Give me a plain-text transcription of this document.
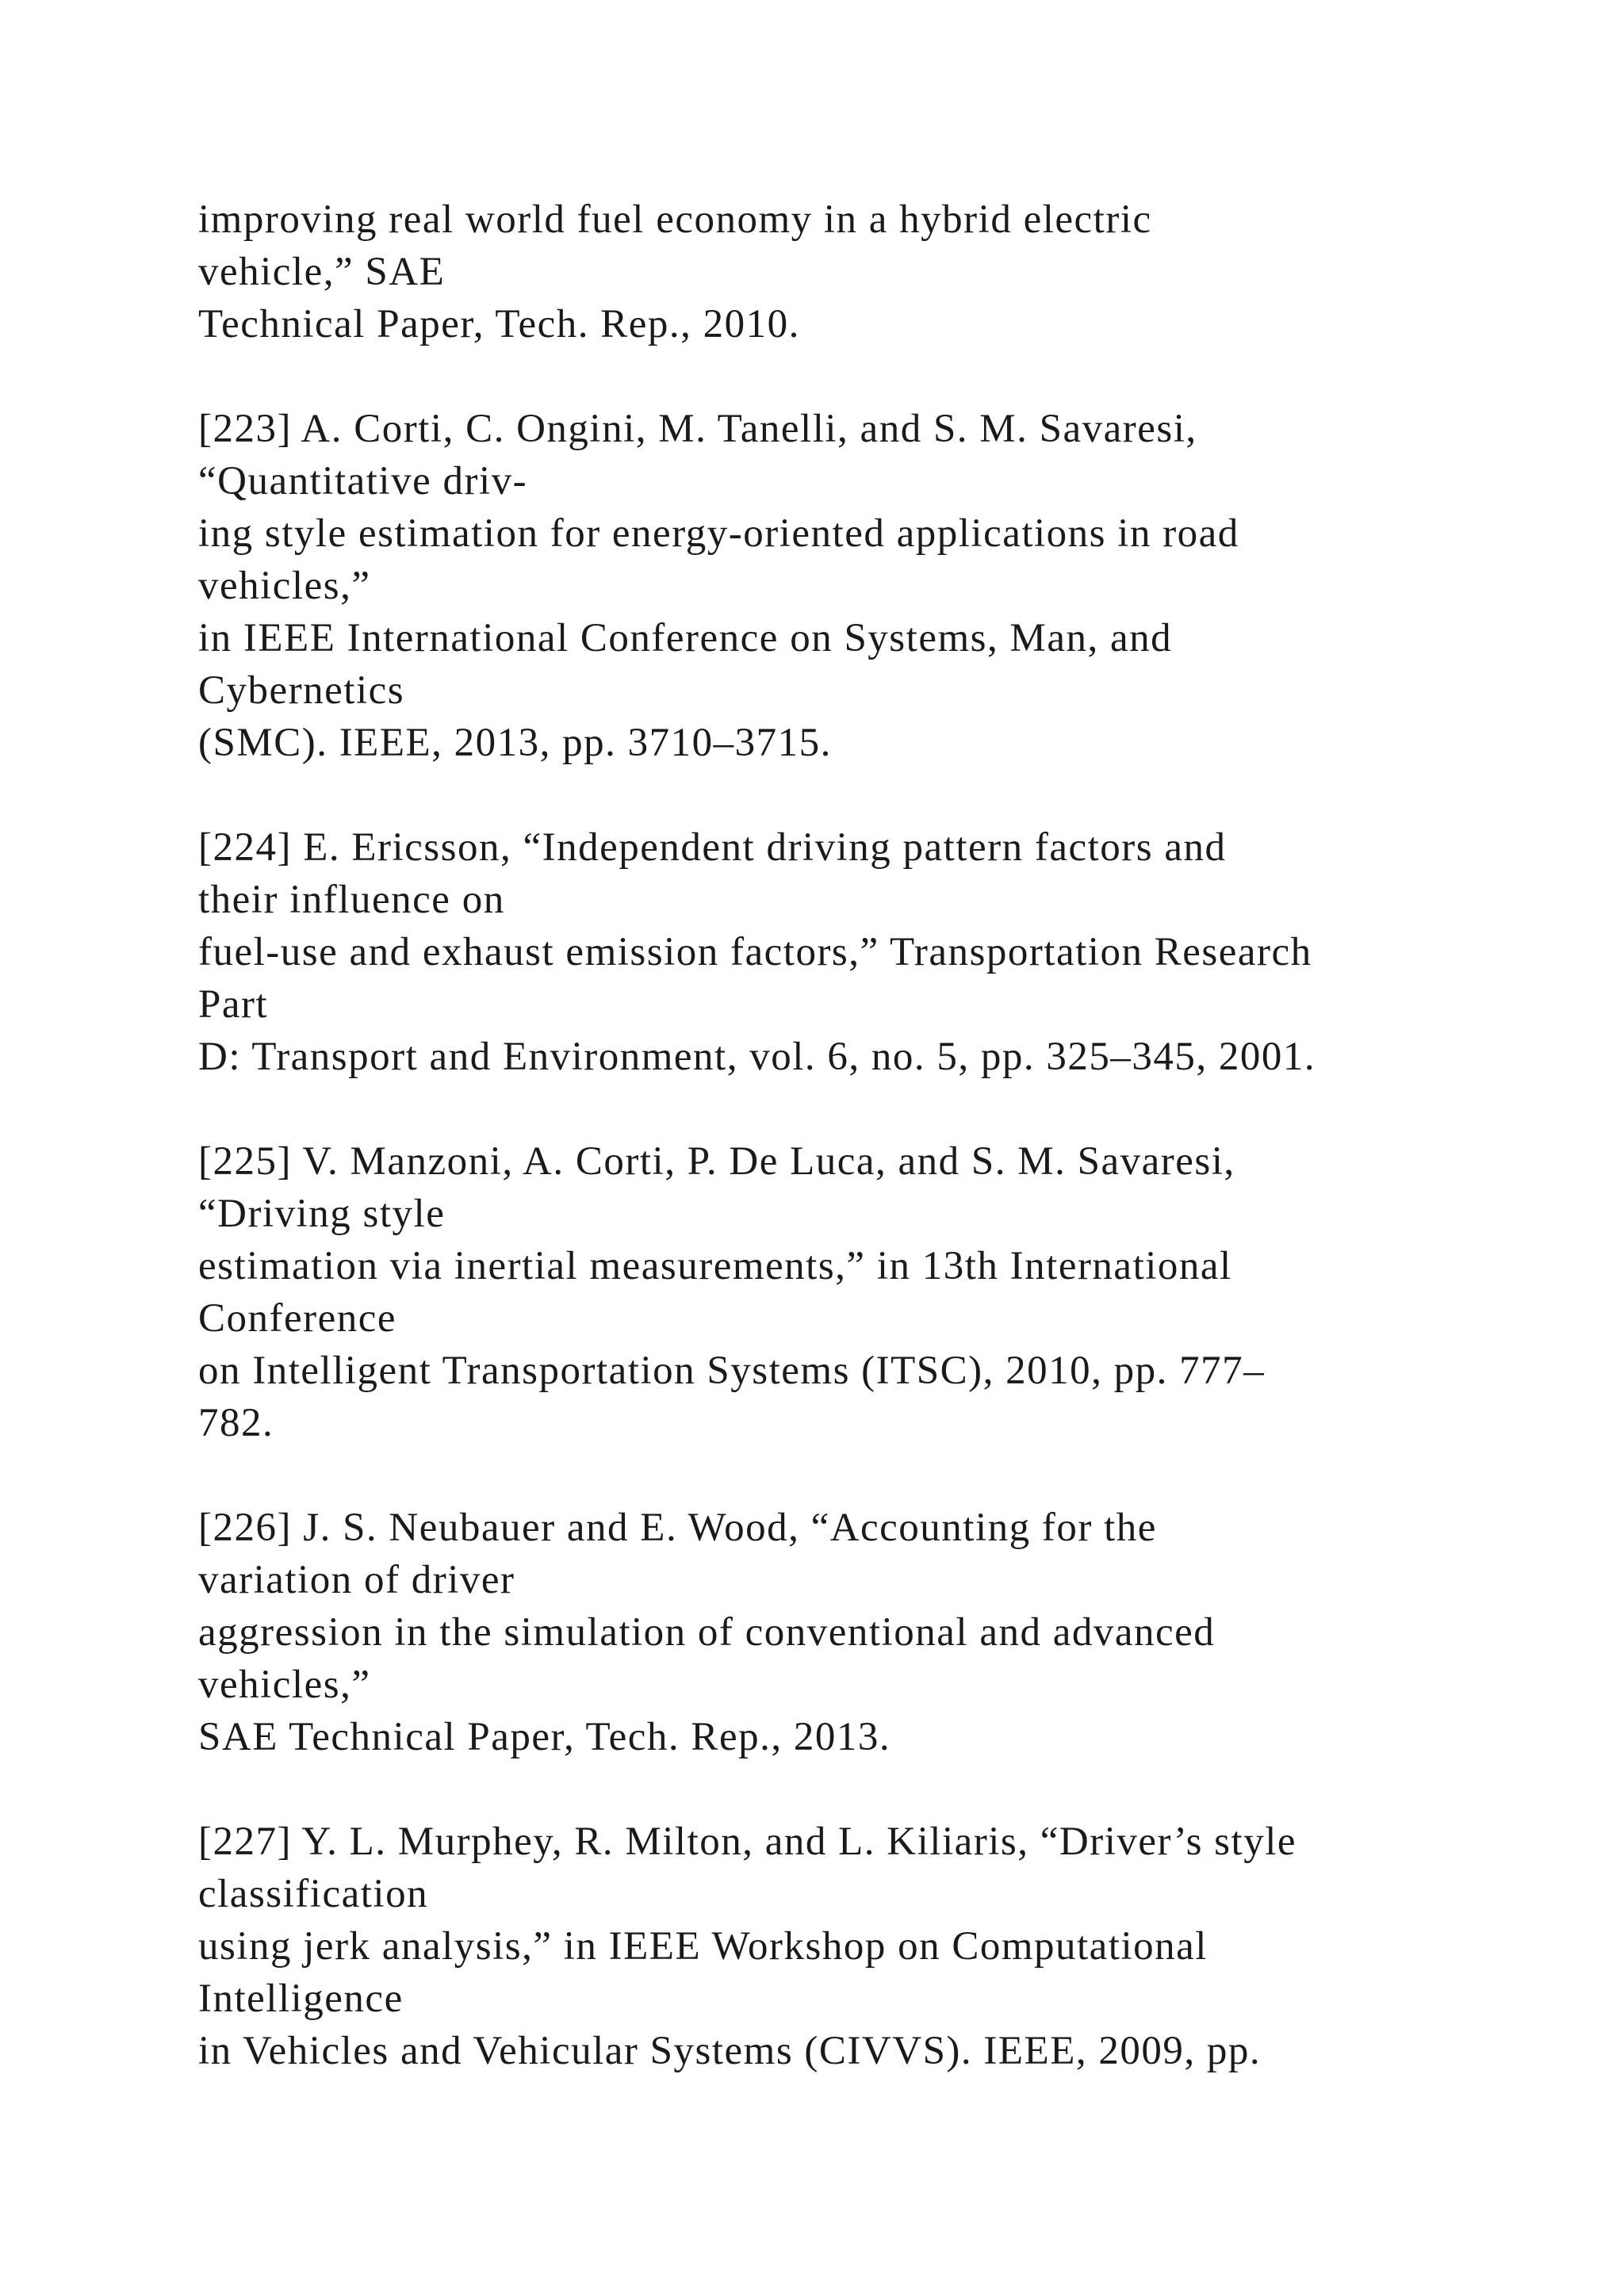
improving real world fuel economy in a hybrid electric
vehicle,” SAE
Technical Paper, Tech. Rep., 2010.
[223] A. Corti, C. Ongini, M. Tanelli, and S. M. Savaresi,
“Quantitative driv-
ing style estimation for energy-oriented applications in road
vehicles,”
in IEEE International Conference on Systems, Man, and
Cybernetics
(SMC). IEEE, 2013, pp. 3710–3715.
[224] E. Ericsson, “Independent driving pattern factors and
their influence on
fuel-use and exhaust emission factors,” Transportation Research
Part
D: Transport and Environment, vol. 6, no. 5, pp. 325–345, 2001.
[225] V. Manzoni, A. Corti, P. De Luca, and S. M. Savaresi,
“Driving style
estimation via inertial measurements,” in 13th International
Conference
on Intelligent Transportation Systems (ITSC), 2010, pp. 777–
782.
[226] J. S. Neubauer and E. Wood, “Accounting for the
variation of driver
aggression in the simulation of conventional and advanced
vehicles,”
SAE Technical Paper, Tech. Rep., 2013.
[227] Y. L. Murphey, R. Milton, and L. Kiliaris, “Driver’s style
classification
using jerk analysis,” in IEEE Workshop on Computational
Intelligence
in Vehicles and Vehicular Systems (CIVVS). IEEE, 2009, pp.
